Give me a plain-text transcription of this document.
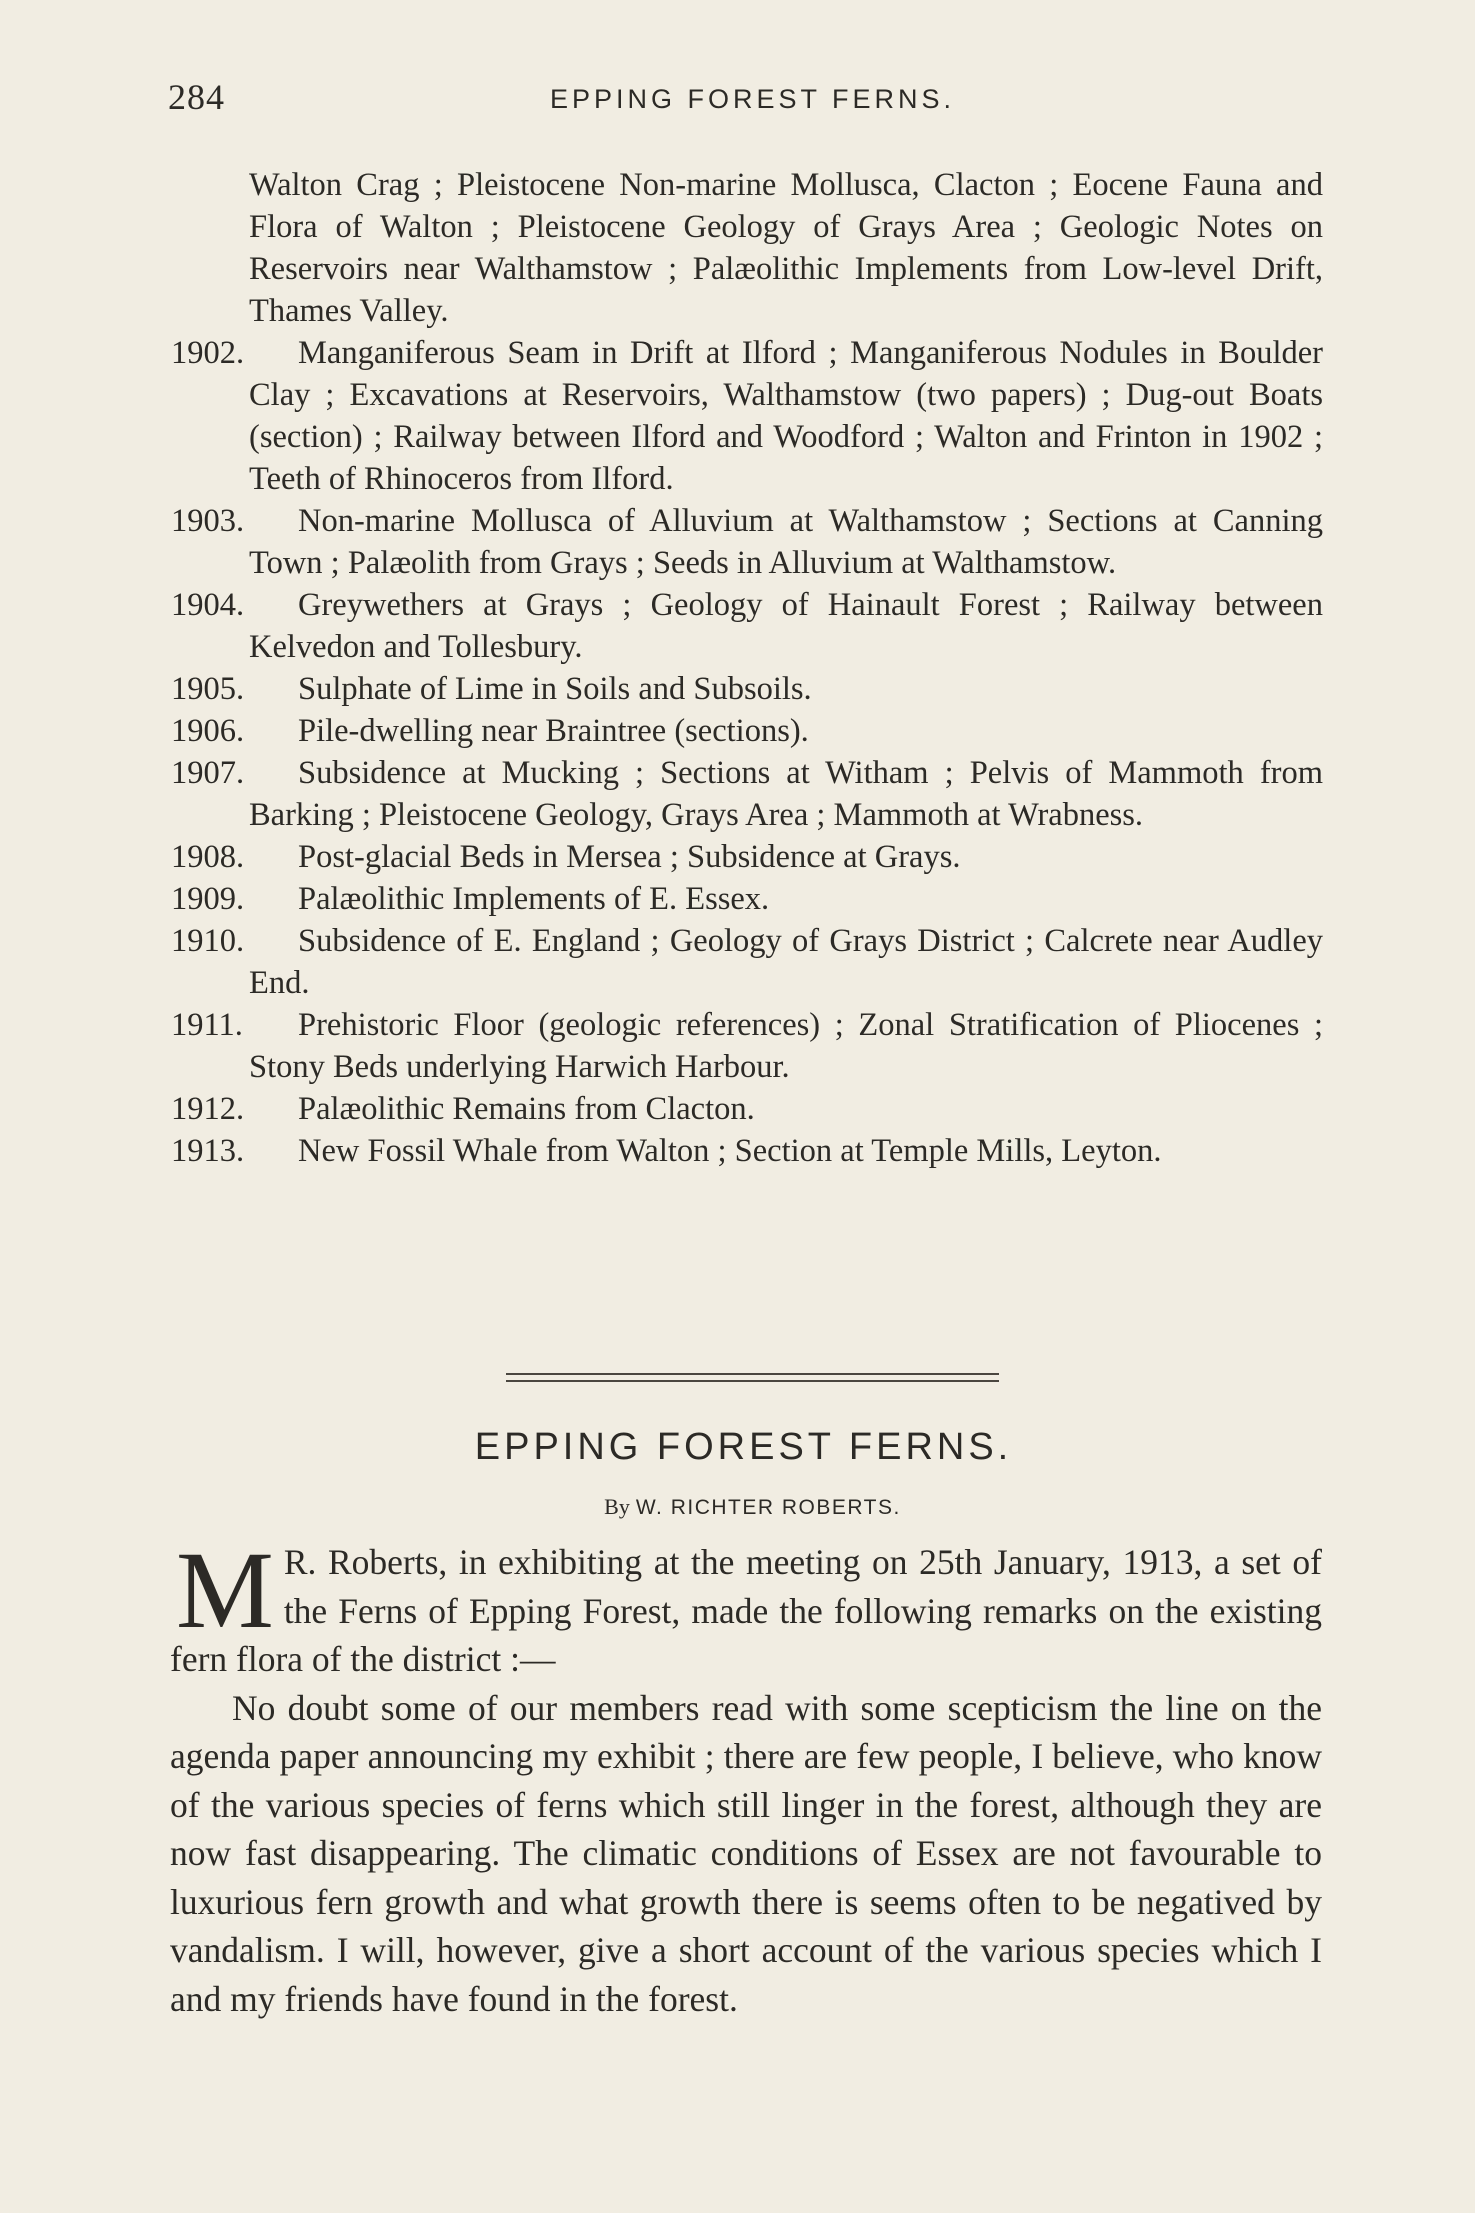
284	EPPING FOREST FERNS.

Walton Crag ; Pleistocene Non-marine Mollusca, Clacton ; Eocene Fauna and Flora of Walton ; Pleistocene Geology of Grays Area ; Geologic Notes on Reservoirs near Walthamstow ; Palæolithic Implements from Low-level Drift, Thames Valley.

1902. Manganiferous Seam in Drift at Ilford ; Manganiferous Nodules in Boulder Clay ; Excavations at Reservoirs, Walthamstow (two papers) ; Dug-out Boats (section) ; Railway between Ilford and Woodford ; Walton and Frinton in 1902 ; Teeth of Rhinoceros from Ilford.

1903. Non-marine Mollusca of Alluvium at Walthamstow ; Sections at Canning Town ; Palæolith from Grays ; Seeds in Alluvium at Walthamstow.

1904. Greywethers at Grays ; Geology of Hainault Forest ; Railway between Kelvedon and Tollesbury.

1905. Sulphate of Lime in Soils and Subsoils.

1906. Pile-dwelling near Braintree (sections).

1907. Subsidence at Mucking ; Sections at Witham ; Pelvis of Mammoth from Barking ; Pleistocene Geology, Grays Area ; Mammoth at Wrabness.

1908. Post-glacial Beds in Mersea ; Subsidence at Grays.

1909. Palæolithic Implements of E. Essex.

1910. Subsidence of E. England ; Geology of Grays District ; Calcrete near Audley End.

1911. Prehistoric Floor (geologic references) ; Zonal Stratification of Pliocenes ; Stony Beds underlying Harwich Harbour.

1912. Palæolithic Remains from Clacton.

1913. New Fossil Whale from Walton ; Section at Temple Mills, Leyton.

EPPING FOREST FERNS.
By W. RICHTER ROBERTS.

M R. Roberts, in exhibiting at the meeting on 25th January, 1913, a set of the Ferns of Epping Forest, made the following remarks on the existing fern flora of the district :—

No doubt some of our members read with some scepticism the line on the agenda paper announcing my exhibit ; there are few people, I believe, who know of the various species of ferns which still linger in the forest, although they are now fast disappearing. The climatic conditions of Essex are not favourable to luxurious fern growth and what growth there is seems often to be negatived by vandalism. I will, however, give a short account of the various species which I and my friends have found in the forest.
